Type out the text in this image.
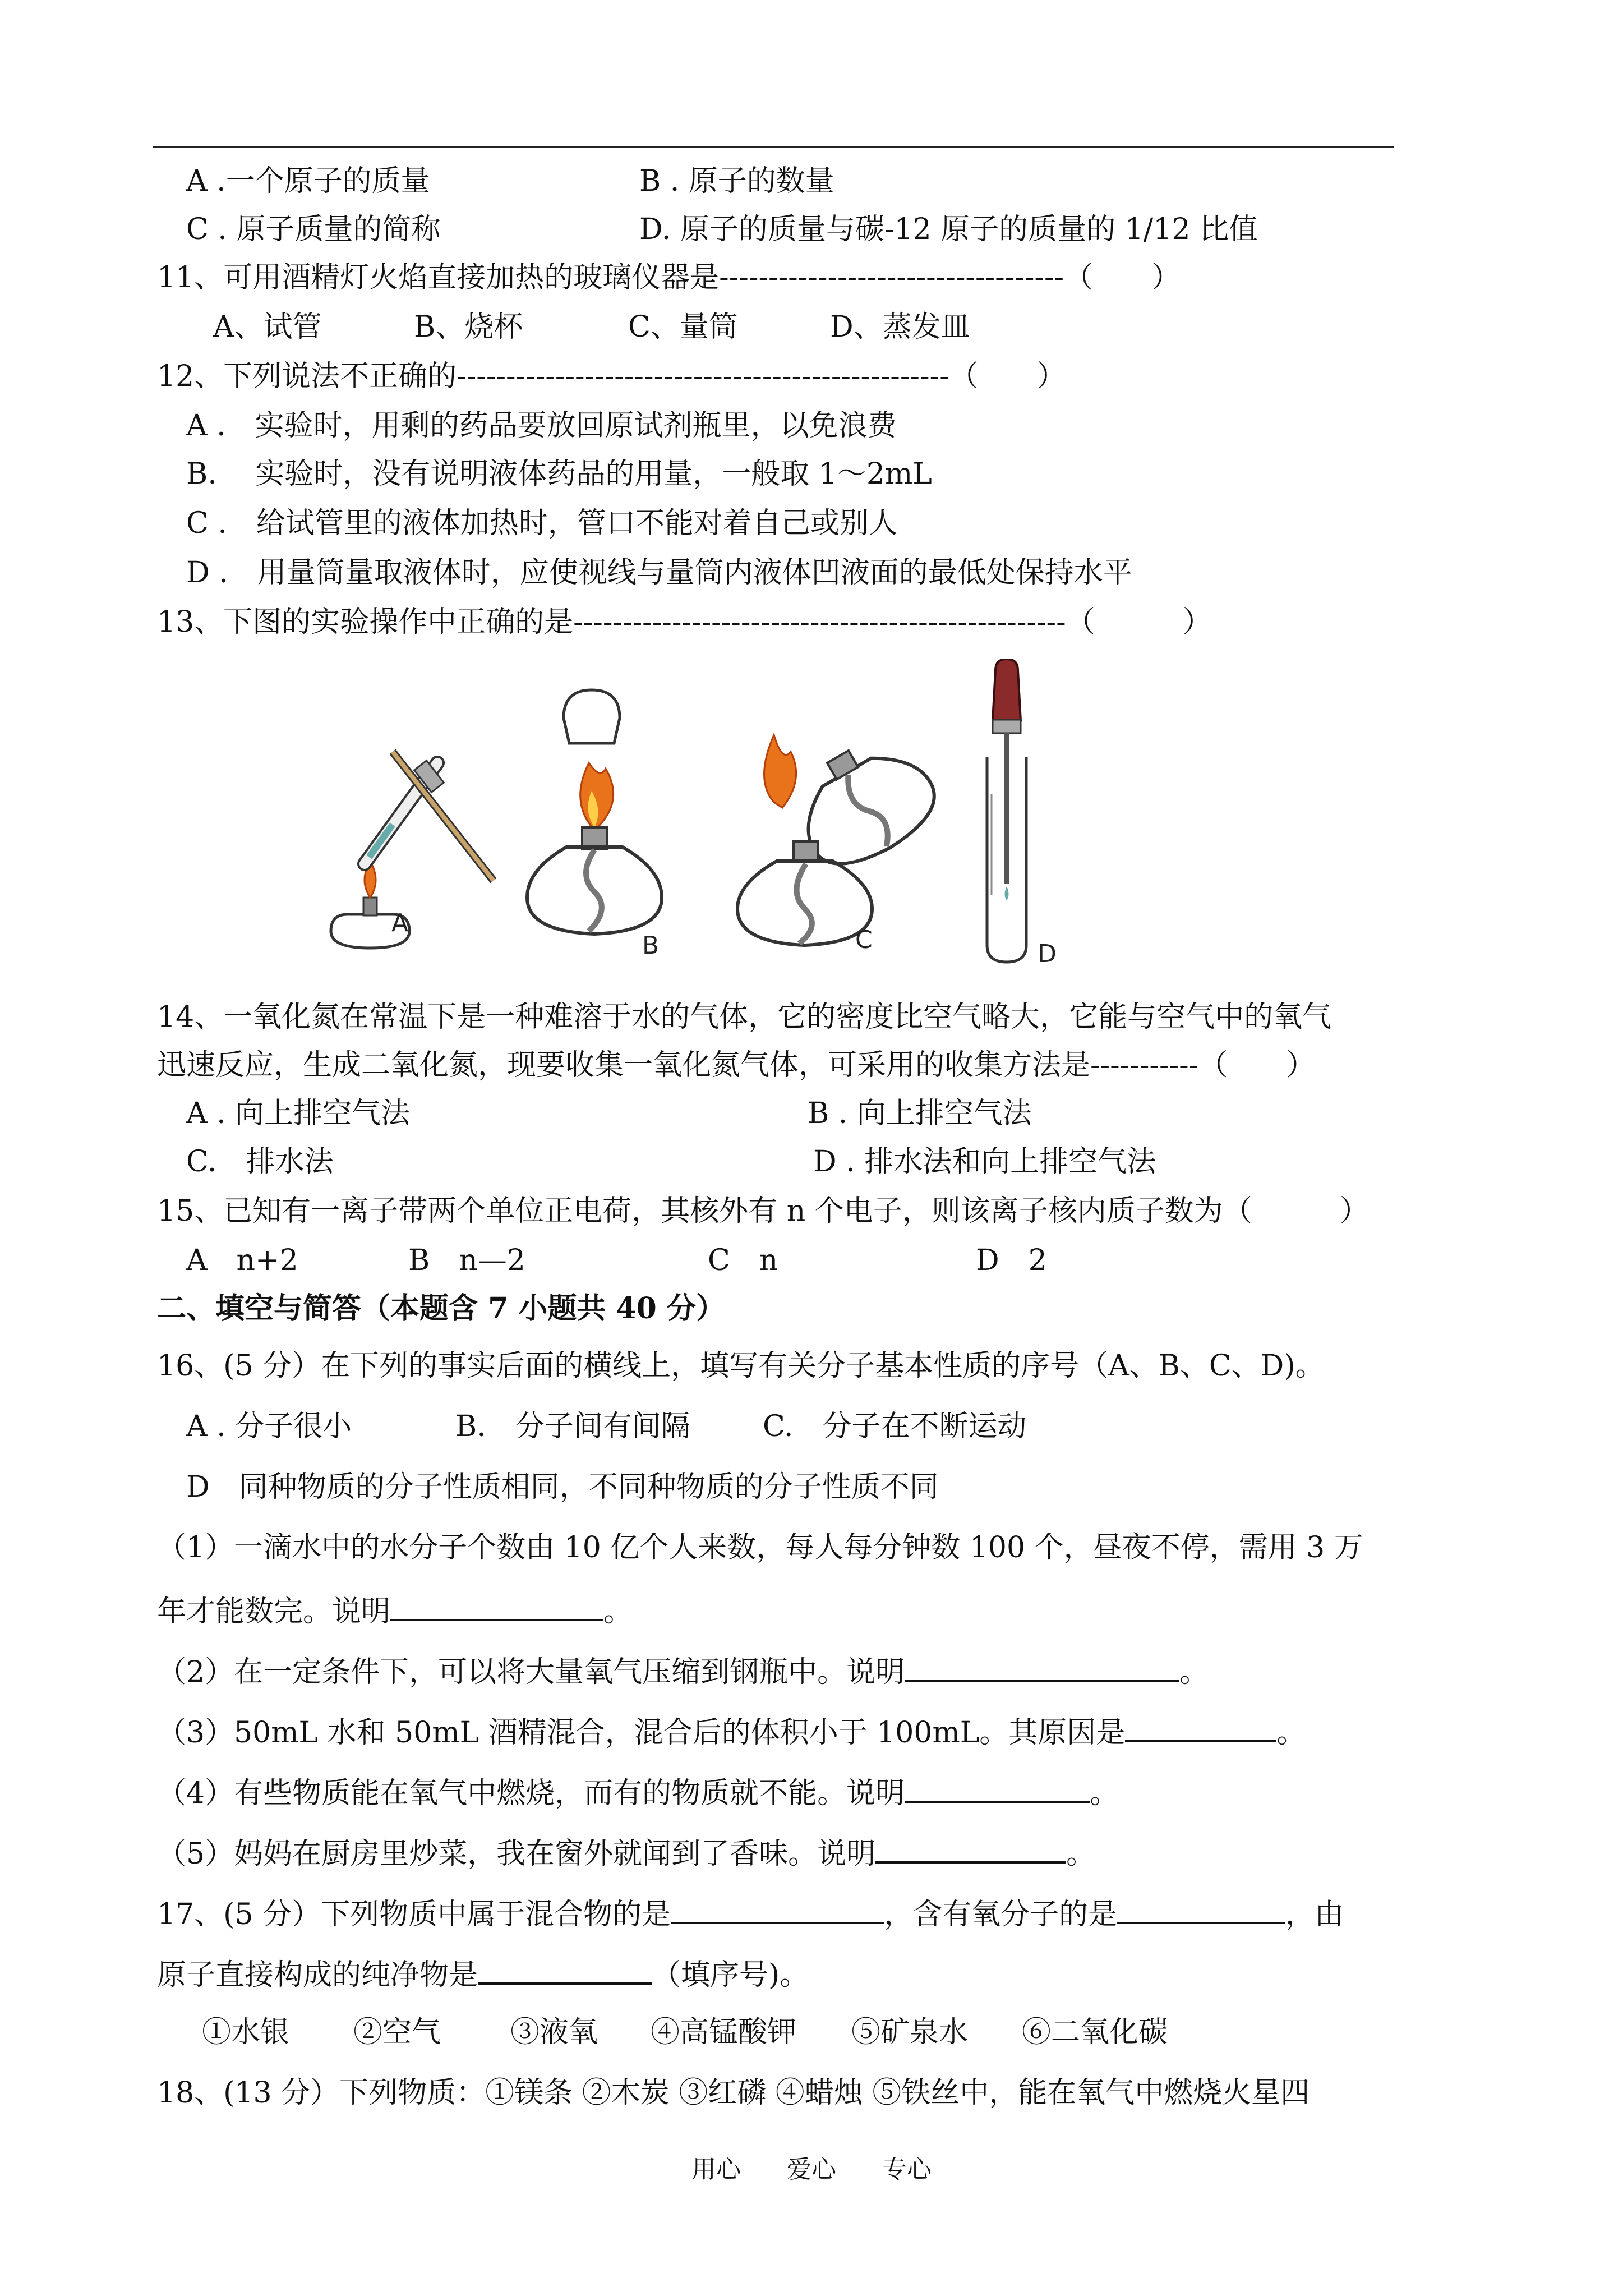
A .一个原子的质量	B . 原子的数量
C . 原子质量的简称	D. 原子的质量与碳-12 原子的质量的 1/12 比值
11、可用酒精灯火焰直接加热的玻璃仪器是-----------------------------------（　　）
A、试管	B、烧杯	C、量筒	D、蒸发皿
12、下列说法不正确的--------------------------------------------------（　　）
A .　实验时，用剩的药品要放回原试剂瓶里，以免浪费
B.　 实验时，没有说明液体药品的用量，一般取 1～2mL
C .　给试管里的液体加热时，管口不能对着自己或别人
D .　用量筒量取液体时，应使视线与量筒内液体凹液面的最低处保持水平
13、下图的实验操作中正确的是--------------------------------------------------（　　　）
A
B	C	D
14、一氧化氮在常温下是一种难溶于水的气体，它的密度比空气略大，它能与空气中的氧气
迅速反应，生成二氧化氮，现要收集一氧化氮气体，可采用的收集方法是-----------（　　）
A . 向上排空气法	B . 向上排空气法
C.　排水法	D . 排水法和向上排空气法
15、已知有一离子带两个单位正电荷，其核外有 n 个电子，则该离子核内质子数为（　　　）
A　n+2	B　n—2	C　n	D　2
二、填空与简答（本题含 7 小题共 40 分）
16、(5 分）在下列的事实后面的横线上，填写有关分子基本性质的序号（A、B、C、D)。
A . 分子很小	B.　分子间有间隔 C.　分子在不断运动
D　同种物质的分子性质相同，不同种物质的分子性质不同
（1）一滴水中的水分子个数由 10 亿个人来数，每人每分钟数 100 个，昼夜不停，需用 3 万
年才能数完。说明	。
（2）在一定条件下，可以将大量氧气压缩到钢瓶中。说明	。
（3）50mL 水和 50mL 酒精混合，混合后的体积小于 100mL。其原因是	。
（4）有些物质能在氧气中燃烧，而有的物质就不能。说明	。
（5）妈妈在厨房里炒菜，我在窗外就闻到了香味。说明	。
17、(5 分）下列物质中属于混合物的是	，含有氧分子的是	，由
原子直接构成的纯净物是	（填序号)。
①水银 ②空气 ③液氧 ④高锰酸钾 ⑤矿泉水 ⑥二氧化碳
18、(13 分）下列物质：①镁条 ②木炭 ③红磷 ④蜡烛 ⑤铁丝中，能在氧气中燃烧火星四
用心 爱心 专心
